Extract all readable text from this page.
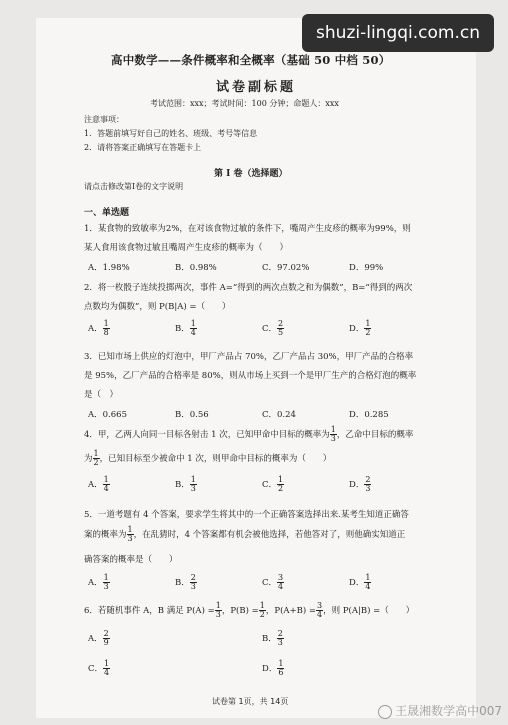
高中数学——条件概率和全概率（基础 50 中档 50）
试卷副标题
考试范围：xxx；考试时间：100 分钟；命题人：xxx
注意事项：
1．答题前填写好自己的姓名、班级、考号等信息
2．请将答案正确填写在答题卡上
第 I 卷（选择题）
请点击修改第I卷的文字说明
一、单选题
1．某食物的致敏率为2%，在对该食物过敏的条件下，嘴周产生皮疹的概率为99%，则
某人食用该食物过敏且嘴周产生皮疹的概率为（　　）
A．1.98%	B．0.98%	C．97.02%	D．99%
2．将一枚骰子连续投掷两次，事件 A=“得到的两次点数之和为偶数”，B=“得到的两次
点数均为偶数”，则 P(B|A) =（　　）
A． $\frac{1}{8}$	B． $\frac{1}{4}$	C． $\frac{2}{5}$	D． $\frac{1}{2}$
3．已知市场上供应的灯泡中，甲厂产品占 70%，乙厂产品占 30%，甲厂产品的合格率
是 95%，乙厂产品的合格率是 80%，则从市场上买到一个是甲厂生产的合格灯泡的概率
是（　）
A．0.665	B．0.56	C．0.24	D．0.285
4．甲，乙两人向同一目标各射击 1 次，已知甲命中目标的概率为 $\frac{1}{3}$ ，乙命中目标的概率
为 $\frac{1}{2}$ ，已知目标至少被命中 1 次，则甲命中目标的概率为（　　）
A． $\frac{1}{4}$	B． $\frac{1}{3}$	C． $\frac{1}{2}$	D． $\frac{2}{3}$
5．一道考题有 4 个答案，要求学生将其中的一个正确答案选择出来.某考生知道正确答
案的概率为 $\frac{1}{3}$ ，在乱猜时，4 个答案都有机会被他选择，若他答对了，则他确实知道正
确答案的概率是（　　）
A． $\frac{1}{3}$	B． $\frac{2}{3}$	C． $\frac{3}{4}$	D． $\frac{1}{4}$
6．若随机事件 A，B 满足 $P(A) = \frac{1}{3}$ ，$P(B) = \frac{1}{2}$ ，$P(A+B) = \frac{3}{4}$ ，则 P(A|B) =（　　）
A． $\frac{2}{9}$	B． $\frac{2}{3}$
C． $\frac{1}{4}$	D． $\frac{1}{6}$
试卷第 1页，共 14页
shuzi-lingqi.com.cn
王晟湘数学高中007
